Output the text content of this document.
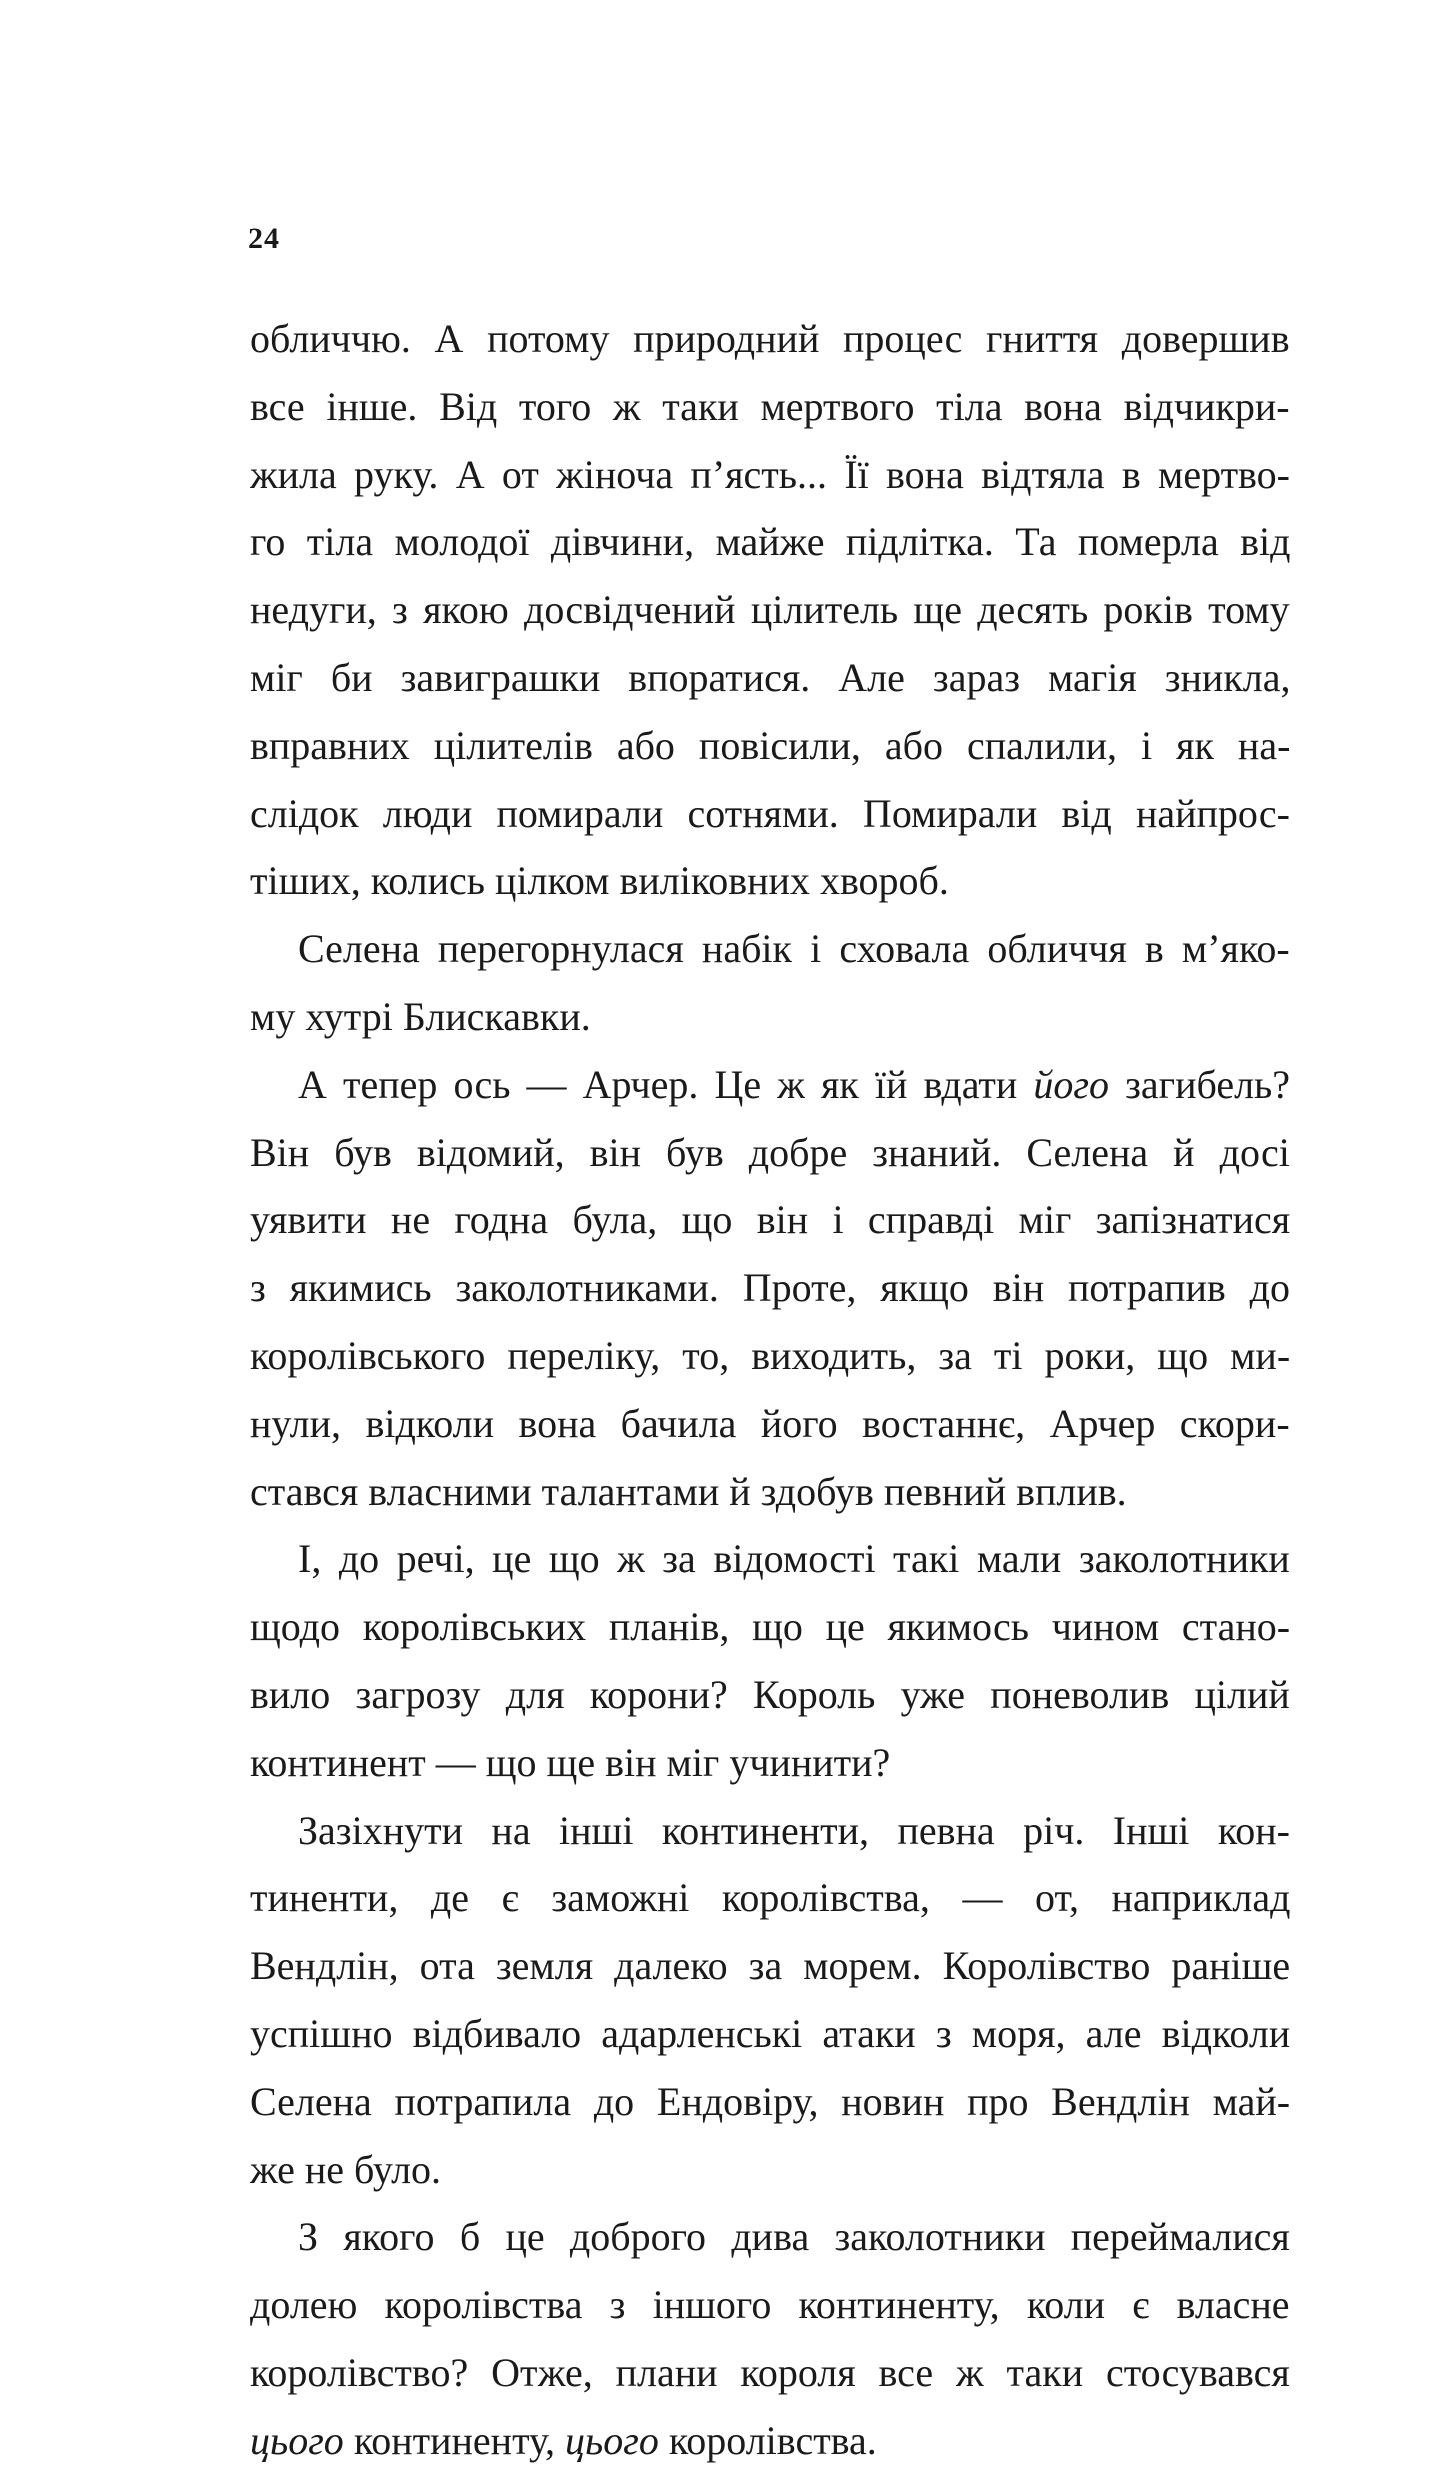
24
обличчю. А потому природний процес гниття довершив
все інше. Від того ж таки мертвого тіла вона відчикри-
жила руку. А от жіноча п’ясть... Її вона відтяла в мертво-
го тіла молодої дівчини, майже підлітка. Та померла від
недуги, з якою досвідчений цілитель ще десять років тому
міг би завиграшки впоратися. Але зараз магія зникла,
вправних цілителів або повісили, або спалили, і як на-
слідок люди помирали сотнями. Помирали від найпрос-
тіших, колись цілком виліковних хвороб.
Селена перегорнулася набік і сховала обличчя в м’яко-
му хутрі Блискавки.
А тепер ось — Арчер. Це ж як їй вдати його загибель?
Він був відомий, він був добре знаний. Селена й досі
уявити не годна була, що він і справді міг запізнатися
з якимись заколотниками. Проте, якщо він потрапив до
королівського переліку, то, виходить, за ті роки, що ми-
нули, відколи вона бачила його востаннє, Арчер скори-
стався власними талантами й здобув певний вплив.
І, до речі, це що ж за відомості такі мали заколотники
щодо королівських планів, що це якимось чином стано-
вило загрозу для корони? Король уже поневолив цілий
континент — що ще він міг учинити?
Зазіхнути на інші континенти, певна річ. Інші кон-
тиненти, де є заможні королівства, — от, наприклад
Вендлін, ота земля далеко за морем. Королівство раніше
успішно відбивало адарленські атаки з моря, але відколи
Селена потрапила до Ендовіру, новин про Вендлін май-
же не було.
З якого б це доброго дива заколотники переймалися
долею королівства з іншого континенту, коли є власне
королівство? Отже, плани короля все ж таки стосувався
цього континенту, цього королівства.
